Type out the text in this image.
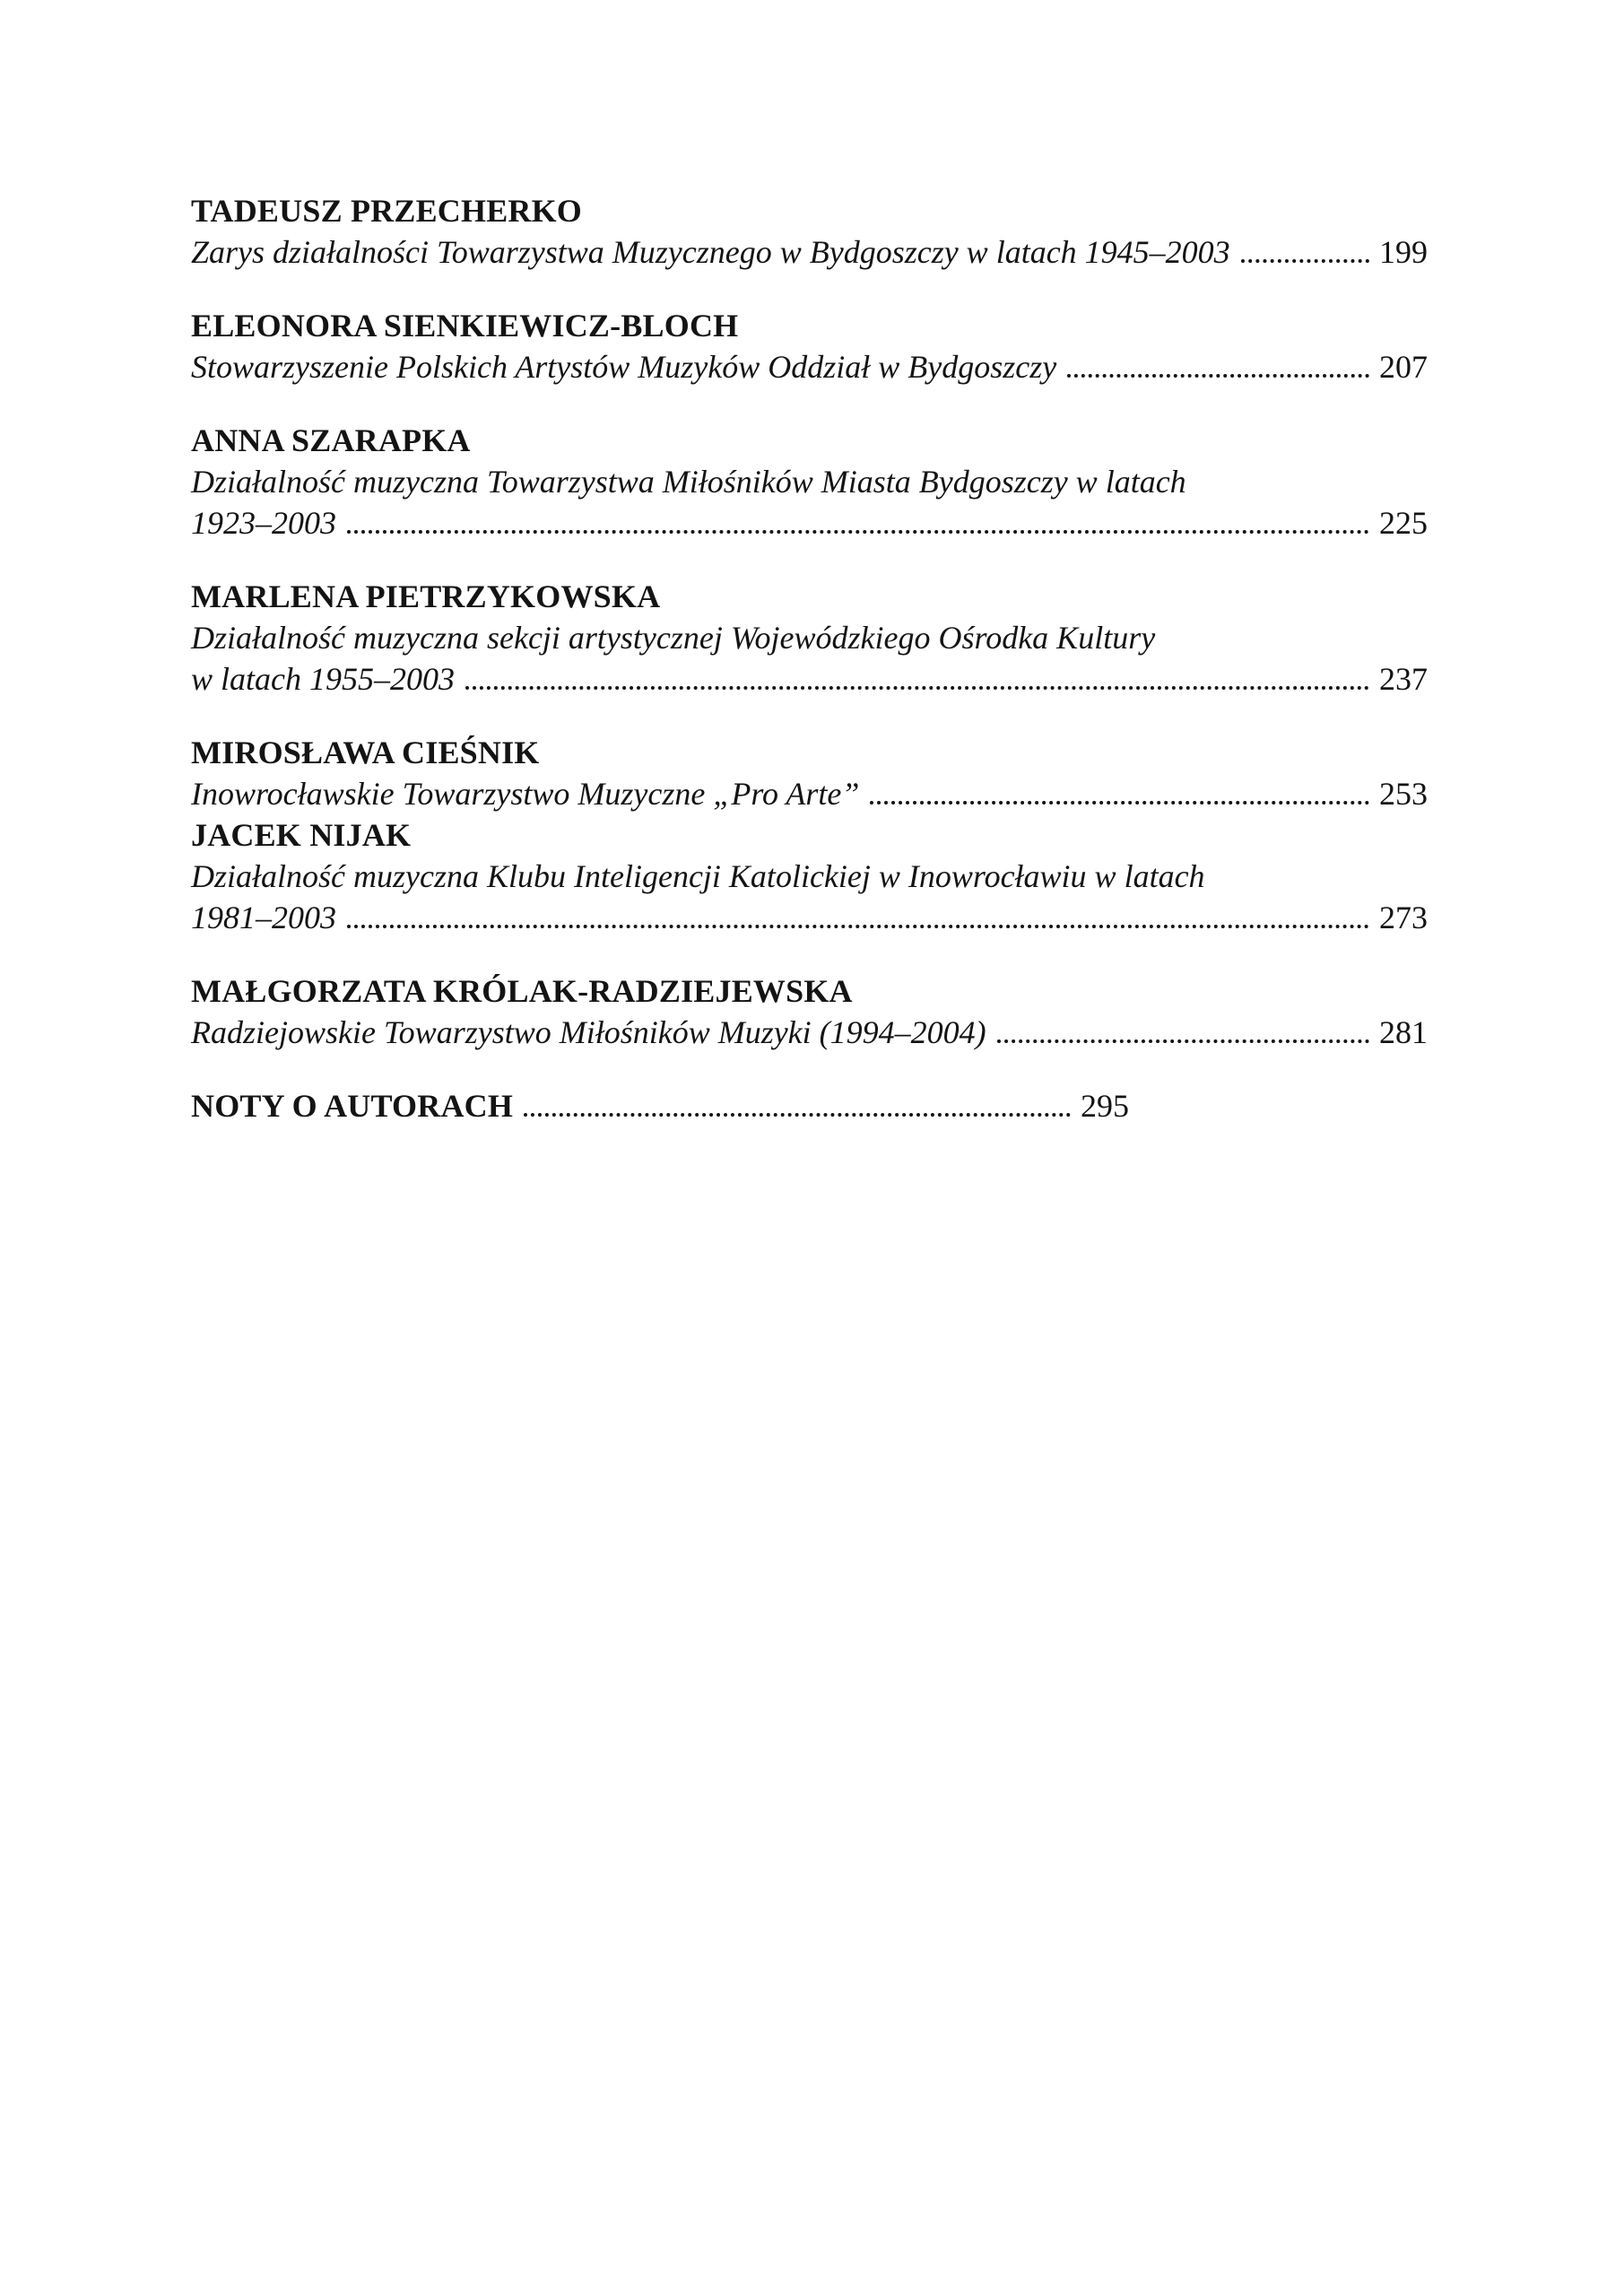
TADEUSZ PRZECHERKO
Zarys działalności Towarzystwa Muzycznego w Bydgoszczy w latach 1945–2003	199
ELEONORA SIENKIEWICZ-BLOCH
Stowarzyszenie Polskich Artystów Muzyków Oddział w Bydgoszczy	207
ANNA SZARAPKA
Działalność muzyczna Towarzystwa Miłośników Miasta Bydgoszczy w latach
1923–2003	225
MARLENA PIETRZYKOWSKA
Działalność muzyczna sekcji artystycznej Wojewódzkiego Ośrodka Kultury
w latach 1955–2003	237
MIROSŁAWA CIEŚNIK
Inowrocławskie Towarzystwo Muzyczne „Pro Arte”	253
JACEK NIJAK
Działalność muzyczna Klubu Inteligencji Katolickiej w Inowrocławiu w latach
1981–2003	273
MAŁGORZATA KRÓLAK-RADZIEJEWSKA
Radziejowskie Towarzystwo Miłośników Muzyki (1994–2004)	281
NOTY O AUTORACH	295
